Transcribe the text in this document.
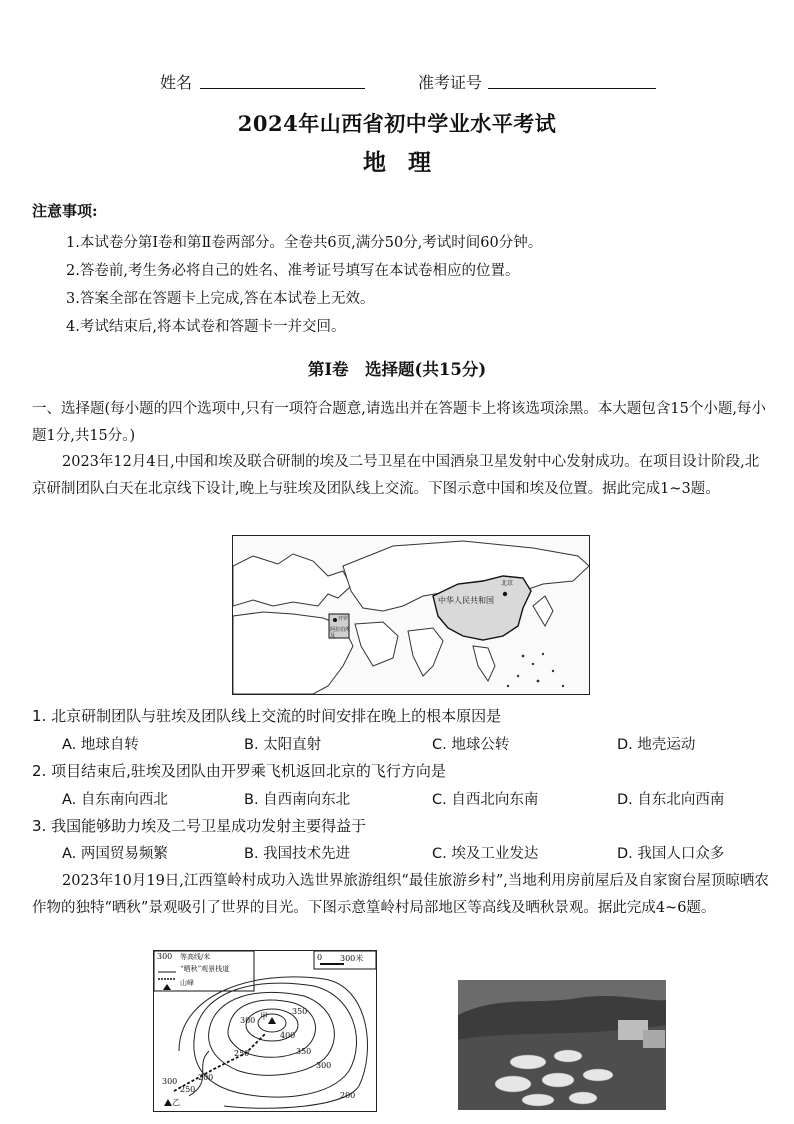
姓名	准考证号
2024年山西省初中学业水平考试
地理
注意事项:
1.本试卷分第Ⅰ卷和第Ⅱ卷两部分。全卷共6页,满分50分,考试时间60分钟。
2.答卷前,考生务必将自己的姓名、准考证号填写在本试卷相应的位置。
3.答案全部在答题卡上完成,答在本试卷上无效。
4.考试结束后,将本试卷和答题卡一并交回。
第Ⅰ卷　选择题(共15分)
一、选择题(每小题的四个选项中,只有一项符合题意,请选出并在答题卡上将该选项涂黑。本大题包含15个小题,每小题1分,共15分。)
2023年12月4日,中国和埃及联合研制的埃及二号卫星在中国酒泉卫星发射中心发射成功。在项目设计阶段,北京研制团队白天在北京线下设计,晚上与驻埃及团队线上交流。下图示意中国和埃及位置。据此完成1~3题。
中华人民共和国
北京
阿拉伯埃及
开罗
1. 北京研制团队与驻埃及团队线上交流的时间安排在晚上的根本原因是
A. 地球自转	B. 太阳直射	C. 地球公转	D. 地壳运动
2. 项目结束后,驻埃及团队由开罗乘飞机返回北京的飞行方向是
A. 自东南向西北	B. 自西南向东北	C. 自西北向东南	D. 自东北向西南
3. 我国能够助力埃及二号卫星成功发射主要得益于
A. 两国贸易频繁	B. 我国技术先进	C. 埃及工业发达	D. 我国人口众多
2023年10月19日,江西篁岭村成功入选世界旅游组织“最佳旅游乡村”,当地利用房前屋后及自家窗台屋顶晾晒农作物的独特“晒秋”景观吸引了世界的目光。下图示意篁岭村局部地区等高线及晒秋景观。据此完成4~6题。
300 等高线/米
“晒秋”观景栈道
山峰
0 300米
400
350
300
250
200
300
250
200
300
350
甲
乙
